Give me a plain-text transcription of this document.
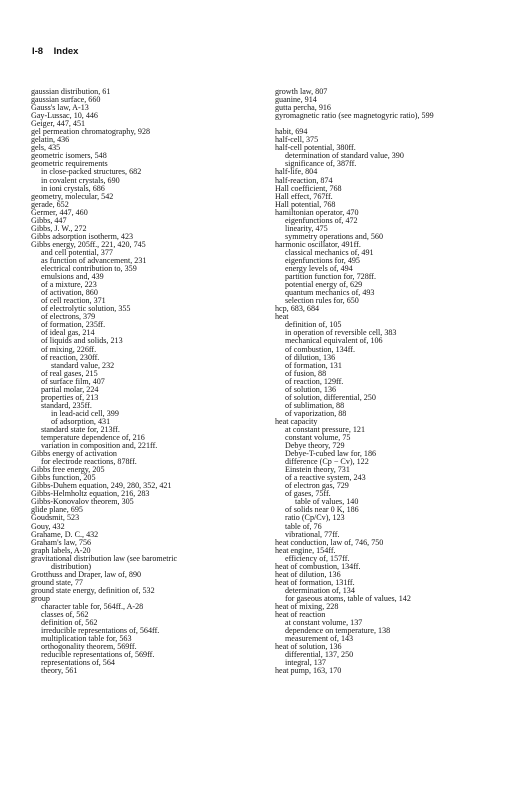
I-8 Index
gaussian distribution, 61
gaussian surface, 660
Gauss's law, A-13
Gay-Lussac, 10, 446
Geiger, 447, 451
gel permeation chromatography, 928
gelatin, 436
gels, 435
geometric isomers, 548
geometric requirements
in close-packed structures, 682
in covalent crystals, 690
in ioni crystals, 686
geometry, molecular, 542
gerade, 652
Germer, 447, 460
Gibbs, 447
Gibbs, J. W., 272
Gibbs adsorption isotherm, 423
Gibbs energy, 205ff., 221, 420, 745
and cell potential, 377
as function of advancement, 231
electrical contribution to, 359
emulsions and, 439
of a mixture, 223
of activation, 860
of cell reaction, 371
of electrolytic solution, 355
of electrons, 379
of formation, 235ff.
of ideal gas, 214
of liquids and solids, 213
of mixing, 226ff.
of reaction, 230ff.
standard value, 232
of real gases, 215
of surface film, 407
partial molar, 224
properties of, 213
standard, 235ff.
in lead-acid cell, 399
of adsorption, 431
standard state for, 213ff.
temperature dependence of, 216
variation in composition and, 221ff.
Gibbs energy of activation
for electrode reactions, 878ff.
Gibbs free energy, 205
Gibbs function, 205
Gibbs-Duhem equation, 249, 280, 352, 421
Gibbs-Helmholtz equation, 216, 283
Gibbs-Konovalov theorem, 305
glide plane, 695
Goudsmit, 523
Gouy, 432
Grahame, D. C., 432
Graham's law, 756
graph labels, A-20
gravitational distribution law (see barometric
distribution)
Grotthuss and Draper, law of, 890
ground state, 77
ground state energy, definition of, 532
group
character table for, 564ff., A-28
classes of, 562
definition of, 562
irreducible representations of, 564ff.
multiplication table for, 563
orthogonality theorem, 569ff.
reducible representations of, 569ff.
representations of, 564
theory, 561
growth law, 807
guanine, 914
gutta percha, 916
gyromagnetic ratio (see magnetogyric ratio), 599
habit, 694
half-cell, 375
half-cell potential, 380ff.
determination of standard value, 390
significance of, 387ff.
half-life, 804
half-reaction, 874
Hall coefficient, 768
Hall effect, 767ff.
Hall potential, 768
hamiltonian operator, 470
eigenfunctions of, 472
linearity, 475
symmetry operations and, 560
harmonic oscillator, 491ff.
classical mechanics of, 491
eigenfunctions for, 495
energy levels of, 494
partition function for, 728ff.
potential energy of, 629
quantum mechanics of, 493
selection rules for, 650
hcp, 683, 684
heat
definition of, 105
in operation of reversible cell, 383
mechanical equivalent of, 106
of combustion, 134ff.
of dilution, 136
of formation, 131
of fusion, 88
of reaction, 129ff.
of solution, 136
of solution, differential, 250
of sublimation, 88
of vaporization, 88
heat capacity
at constant pressure, 121
constant volume, 75
Debye theory, 729
Debye-T-cubed law for, 186
difference (Cp − Cv), 122
Einstein theory, 731
of a reactive system, 243
of electron gas, 729
of gases, 75ff.
table of values, 140
of solids near 0 K, 186
ratio (Cp/Cv), 123
table of, 76
vibrational, 77ff.
heat conduction, law of, 746, 750
heat engine, 154ff.
efficiency of, 157ff.
heat of combustion, 134ff.
heat of dilution, 136
heat of formation, 131ff.
determination of, 134
for gaseous atoms, table of values, 142
heat of mixing, 228
heat of reaction
at constant volume, 137
dependence on temperature, 138
measurement of, 143
heat of solution, 136
differential, 137, 250
integral, 137
heat pump, 163, 170
